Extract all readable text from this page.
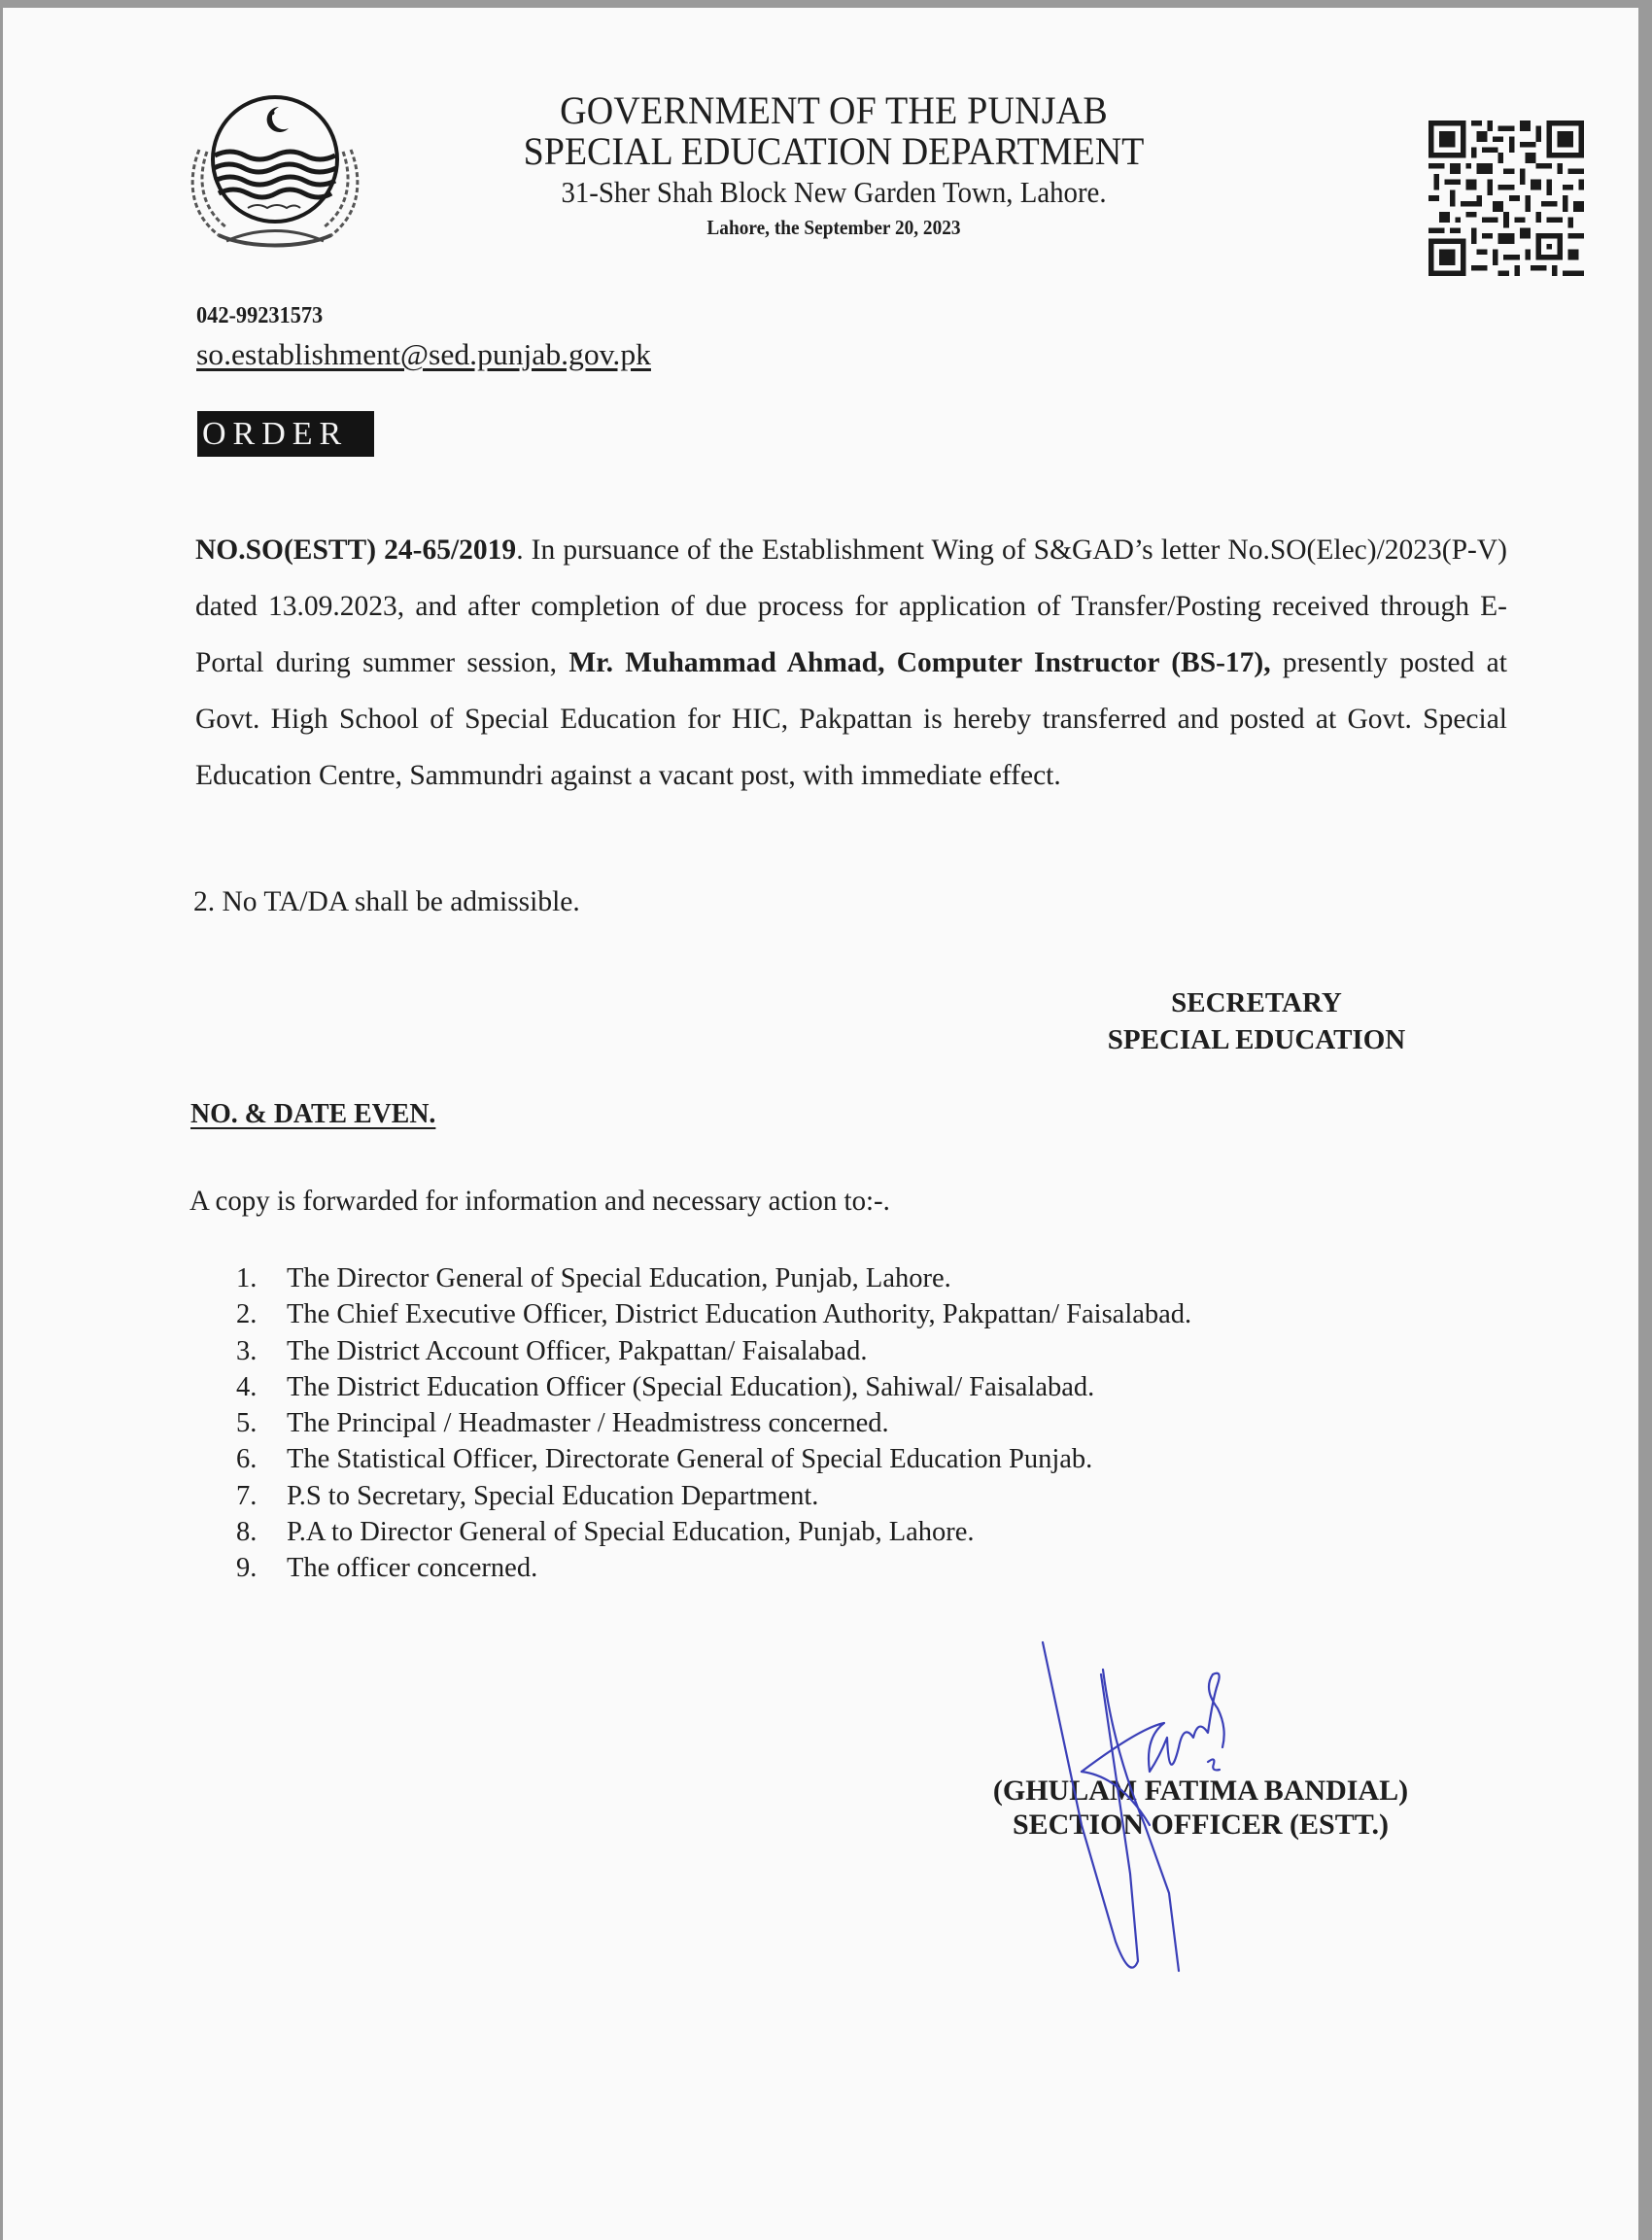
GOVERNMENT OF THE PUNJAB
SPECIAL EDUCATION DEPARTMENT
31-Sher Shah Block New Garden Town, Lahore.
Lahore, the September 20, 2023
042-99231573
so.establishment@sed.punjab.gov.pk
ORDER
NO.SO(ESTT) 24-65/2019. In pursuance of the Establishment Wing of S&GAD’s letter No.SO(Elec)/2023(P-V) dated 13.09.2023, and after completion of due process for application of Transfer/Posting received through E-Portal during summer session, Mr. Muhammad Ahmad, Computer Instructor (BS-17), presently posted at Govt. High School of Special Education for HIC, Pakpattan is hereby transferred and posted at Govt. Special Education Centre, Sammundri against a vacant post, with immediate effect.
2. No TA/DA shall be admissible.
SECRETARY
SPECIAL EDUCATION
NO. & DATE EVEN.
A copy is forwarded for information and necessary action to:-.
1. The Director General of Special Education, Punjab, Lahore.
2. The Chief Executive Officer, District Education Authority, Pakpattan/ Faisalabad.
3. The District Account Officer, Pakpattan/ Faisalabad.
4. The District Education Officer (Special Education), Sahiwal/ Faisalabad.
5. The Principal / Headmaster / Headmistress concerned.
6. The Statistical Officer, Directorate General of Special Education Punjab.
7. P.S to Secretary, Special Education Department.
8. P.A to Director General of Special Education, Punjab, Lahore.
9. The officer concerned.
(GHULAM FATIMA BANDIAL)
SECTION OFFICER (ESTT.)
